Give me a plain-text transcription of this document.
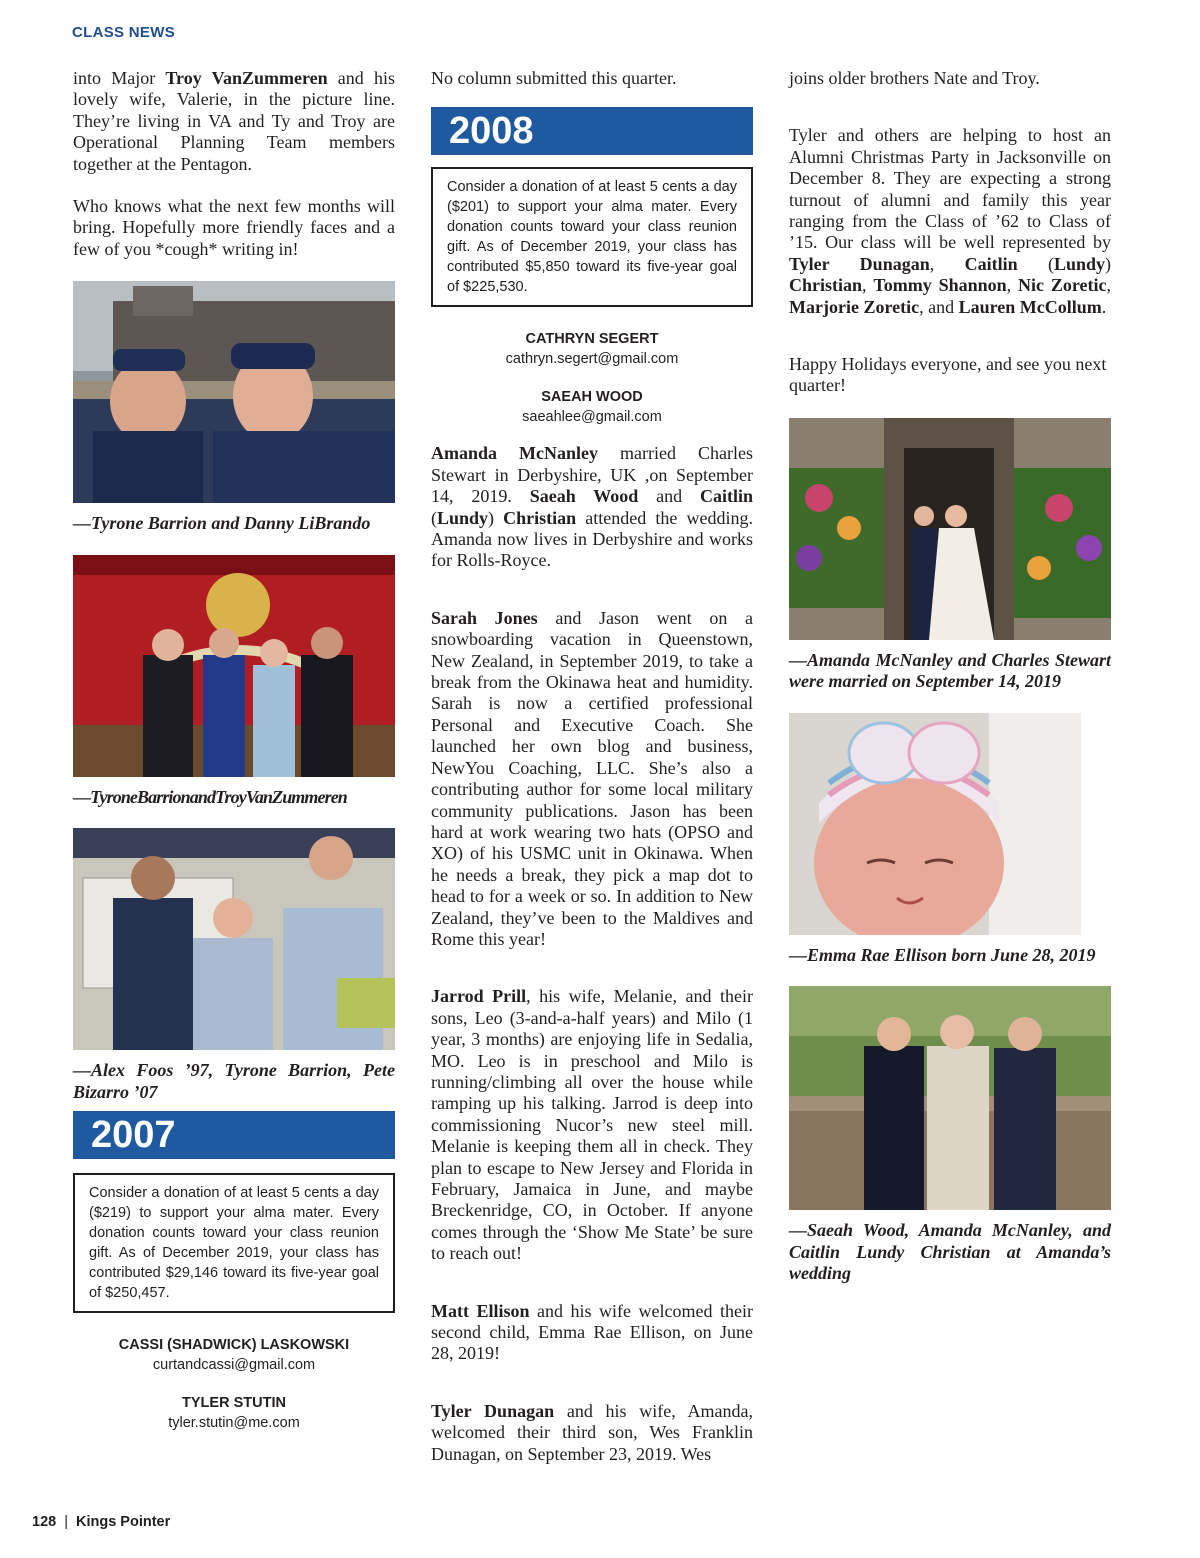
CLASS NEWS

into Major Troy VanZummeren and his lovely wife, Valerie, in the picture line. They’re living in VA and Ty and Troy are Operational Planning Team members together at the Pentagon.

Who knows what the next few months will bring. Hopefully more friendly faces and a few of you *cough* writing in!

—Tyrone Barrion and Danny LiBrando
—TyroneBarrionandTroyVanZummeren
—Alex Foos ’97, Tyrone Barrion, Pete Bizarro ’07
2007
Consider a donation of at least 5 cents a day ($219) to support your alma mater. Every donation counts toward your class reunion gift. As of December 2019, your class has contributed $29,146 toward its five-year goal of $250,457.
CASSI (SHADWICK) LASKOWSKI
curtandcassi@gmail.com
TYLER STUTIN
tyler.stutin@me.com

No column submitted this quarter.

2008
Consider a donation of at least 5 cents a day ($201) to support your alma mater. Every donation counts toward your class reunion gift. As of December 2019, your class has contributed $5,850 toward its five-year goal of $225,530.
CATHRYN SEGERT
cathryn.segert@gmail.com
SAEAH WOOD
saeahlee@gmail.com

Amanda McNanley married Charles Stewart in Derbyshire, UK ,on September 14, 2019. Saeah Wood and Caitlin (Lundy) Christian attended the wedding. Amanda now lives in Derbyshire and works for Rolls-Royce.

Sarah Jones and Jason went on a snowboarding vacation in Queenstown, New Zealand, in September 2019, to take a break from the Okinawa heat and humidity. Sarah is now a certified professional Personal and Executive Coach. She launched her own blog and business, NewYou Coaching, LLC. She’s also a contributing author for some local military community publications. Jason has been hard at work wearing two hats (OPSO and XO) of his USMC unit in Okinawa. When he needs a break, they pick a map dot to head to for a week or so. In addition to New Zealand, they’ve been to the Maldives and Rome this year!

Jarrod Prill, his wife, Melanie, and their sons, Leo (3-and-a-half years) and Milo (1 year, 3 months) are enjoying life in Sedalia, MO. Leo is in preschool and Milo is running/climbing all over the house while ramping up his talking. Jarrod is deep into commissioning Nucor’s new steel mill. Melanie is keeping them all in check. They plan to escape to New Jersey and Florida in February, Jamaica in June, and maybe Breckenridge, CO, in October. If anyone comes through the ‘Show Me State’ be sure to reach out!

Matt Ellison and his wife welcomed their second child, Emma Rae Ellison, on June 28, 2019!

Tyler Dunagan and his wife, Amanda, welcomed their third son, Wes Franklin Dunagan, on September 23, 2019. Wes

joins older brothers Nate and Troy.

Tyler and others are helping to host an Alumni Christmas Party in Jacksonville on December 8. They are expecting a strong turnout of alumni and family this year ranging from the Class of ’62 to Class of ’15. Our class will be well represented by Tyler Dunagan, Caitlin (Lundy) Christian, Tommy Shannon, Nic Zoretic, Marjorie Zoretic, and Lauren McCollum.

Happy Holidays everyone, and see you next quarter!

—Amanda McNanley and Charles Stewart were married on September 14, 2019
—Emma Rae Ellison born June 28, 2019
—Saeah Wood, Amanda McNanley, and Caitlin Lundy Christian at Amanda’s wedding
128 | Kings Pointer
